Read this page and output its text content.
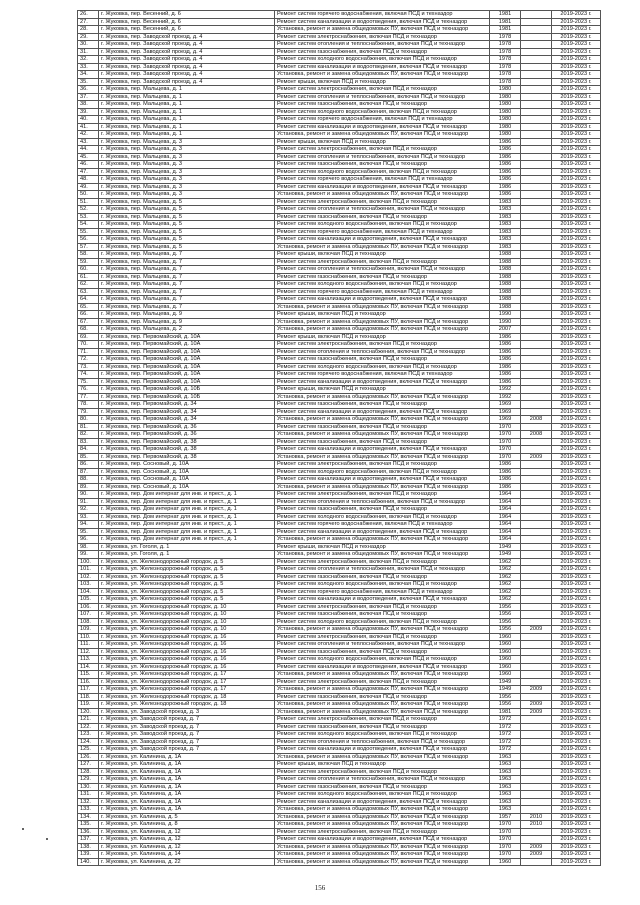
26.	г. Жуковка, пер. Весенний, д. 6	Ремонт систем горячего водоснабжения, включая ПСД и техназдор	1981		2019-2023 г.
27.	г. Жуковка, пер. Весенний, д. 6	Ремонт систем канализации и водоотведения, включая ПСД и техназдор	1981		2019-2023 г.
28.	г. Жуковка, пер. Весенний, д. 6	Установка, ремонт и замена общедомовых ПУ, включая ПСД и техназдор	1981		2019-2023 г.
29.	г. Жуковка, пер. Заводской проезд, д. 4	Ремонт систем электроснабжения, включая ПСД и техназдор	1978		2019-2023 г.
30.	г. Жуковка, пер. Заводской проезд, д. 4	Ремонт систем отопления и теплоснабжения, включая ПСД и техназдор	1978		2019-2023 г.
31.	г. Жуковка, пер. Заводской проезд, д. 4	Ремонт систем газоснабжения, включая ПСД и техназдор	1978		2019-2023 г.
32.	г. Жуковка, пер. Заводской проезд, д. 4	Ремонт систем холодного водоснабжения, включая ПСД и техназдор	1978		2019-2023 г.
33.	г. Жуковка, пер. Заводской проезд, д. 4	Ремонт систем канализации и водоотведения, включая ПСД и техназдор	1978		2019-2023 г.
34.	г. Жуковка, пер. Заводской проезд, д. 4	Установка, ремонт и замена общедомовых ПУ, включая ПСД и техназдор	1978		2019-2023 г.
35.	г. Жуковка, пер. Заводской проезд, д. 4	Ремонт крыши, включая ПСД и техназдор	1978		2019-2023 г.
36.	г. Жуковка, пер. Мальцева, д. 1	Ремонт систем электроснабжения, включая ПСД и техназдор	1980		2019-2023 г.
37.	г. Жуковка, пер. Мальцева, д. 1	Ремонт систем отопления и теплоснабжения, включая ПСД и техназдор	1980		2019-2023 г.
38.	г. Жуковка, пер. Мальцева, д. 1	Ремонт систем газоснабжения, включая ПСД и техназдор	1980		2019-2023 г.
39.	г. Жуковка, пер. Мальцева, д. 1	Ремонт систем холодного водоснабжения, включая ПСД и техназдор	1980		2019-2023 г.
40.	г. Жуковка, пер. Мальцева, д. 1	Ремонт систем горячего водоснабжения, включая ПСД и техназдор	1980		2019-2023 г.
41.	г. Жуковка, пер. Мальцева, д. 1	Ремонт систем канализации и водоотведения, включая ПСД и техназдор	1980		2019-2023 г.
42.	г. Жуковка, пер. Мальцева, д. 1	Установка, ремонт и замена общедомовых ПУ, включая ПСД и техназдор	1980		2019-2023 г.
43.	г. Жуковка, пер. Мальцева, д. 3	Ремонт крыши, включая ПСД и техназдор	1986		2019-2023 г.
44.	г. Жуковка, пер. Мальцева, д. 3	Ремонт систем электроснабжения, включая ПСД и техназдор	1986		2019-2023 г.
45.	г. Жуковка, пер. Мальцева, д. 3	Ремонт систем отопления и теплоснабжения, включая ПСД и техназдор	1986		2019-2023 г.
46.	г. Жуковка, пер. Мальцева, д. 3	Ремонт систем газоснабжения, включая ПСД и техназдор	1986		2019-2023 г.
47.	г. Жуковка, пер. Мальцева, д. 3	Ремонт систем холодного водоснабжения, включая ПСД и техназдор	1986		2019-2023 г.
48.	г. Жуковка, пер. Мальцева, д. 3	Ремонт систем горячего водоснабжения, включая ПСД и техназдор	1986		2019-2023 г.
49.	г. Жуковка, пер. Мальцева, д. 3	Ремонт систем канализации и водоотведения, включая ПСД и техназдор	1986		2019-2023 г.
50.	г. Жуковка, пер. Мальцева, д. 3	Установка, ремонт и замена общедомовых ПУ, включая ПСД и техназдор	1986		2019-2023 г.
51.	г. Жуковка, пер. Мальцева, д. 5	Ремонт систем электроснабжения, включая ПСД и техназдор	1983		2019-2023 г.
52.	г. Жуковка, пер. Мальцева, д. 5	Ремонт систем отопления и теплоснабжения, включая ПСД и техназдор	1983		2019-2023 г.
53.	г. Жуковка, пер. Мальцева, д. 5	Ремонт систем газоснабжения, включая ПСД и техназдор	1983		2019-2023 г.
54.	г. Жуковка, пер. Мальцева, д. 5	Ремонт систем холодного водоснабжения, включая ПСД и техназдор	1983		2019-2023 г.
55.	г. Жуковка, пер. Мальцева, д. 5	Ремонт систем горячего водоснабжения, включая ПСД и техназдор	1983		2019-2023 г.
56.	г. Жуковка, пер. Мальцева, д. 5	Ремонт систем канализации и водоотведения, включая ПСД и техназдор	1983		2019-2023 г.
57.	г. Жуковка, пер. Мальцева, д. 5	Установка, ремонт и замена общедомовых ПУ, включая ПСД и техназдор	1983		2019-2023 г.
58.	г. Жуковка, пер. Мальцева, д. 7	Ремонт крыши, включая ПСД и техназдор	1988		2019-2023 г.
59.	г. Жуковка, пер. Мальцева, д. 7	Ремонт систем электроснабжения, включая ПСД и техназдор	1988		2019-2023 г.
60.	г. Жуковка, пер. Мальцева, д. 7	Ремонт систем отопления и теплоснабжения, включая ПСД и техназдор	1988		2019-2023 г.
61.	г. Жуковка, пер. Мальцева, д. 7	Ремонт систем газоснабжения, включая ПСД и техназдор	1988		2019-2023 г.
62.	г. Жуковка, пер. Мальцева, д. 7	Ремонт систем холодного водоснабжения, включая ПСД и техназдор	1988		2019-2023 г.
63.	г. Жуковка, пер. Мальцева, д. 7	Ремонт систем горячего водоснабжения, включая ПСД и техназдор	1988		2019-2023 г.
64.	г. Жуковка, пер. Мальцева, д. 7	Ремонт систем канализации и водоотведения, включая ПСД и техназдор	1988		2019-2023 г.
65.	г. Жуковка, пер. Мальцева, д. 7	Установка, ремонт и замена общедомовых ПУ, включая ПСД и техназдор	1988		2019-2023 г.
66.	г. Жуковка, пер. Мальцева, д. 9	Ремонт крыши, включая ПСД и техназдор	1990		2019-2023 г.
67.	г. Жуковка, пер. Мальцева, д. 9	Установка, ремонт и замена общедомовых ПУ, включая ПСД и техназдор	1990		2019-2023 г.
68.	г. Жуковка, пер. Мальцева, д. 2	Установка, ремонт и замена общедомовых ПУ, включая ПСД и техназдор	2007		2019-2023 г.
69.	г. Жуковка, пер. Первомайский, д. 10А	Ремонт крыши, включая ПСД и техназдор	1986		2019-2023 г.
70.	г. Жуковка, пер. Первомайский, д. 10А	Ремонт систем электроснабжения, включая ПСД и техназдор	1986		2019-2023 г.
71.	г. Жуковка, пер. Первомайский, д. 10А	Ремонт систем отопления и теплоснабжения, включая ПСД и техназдор	1986		2019-2023 г.
72.	г. Жуковка, пер. Первомайский, д. 10А	Ремонт систем газоснабжения, включая ПСД и техназдор	1986		2019-2023 г.
73.	г. Жуковка, пер. Первомайский, д. 10А	Ремонт систем холодного водоснабжения, включая ПСД и техназдор	1986		2019-2023 г.
74.	г. Жуковка, пер. Первомайский, д. 10А	Ремонт систем горячего водоснабжения, включая ПСД и техназдор	1986		2019-2023 г.
75.	г. Жуковка, пер. Первомайский, д. 10А	Ремонт систем канализации и водоотведения, включая ПСД и техназдор	1986		2019-2023 г.
76.	г. Жуковка, пер. Первомайский, д. 10Б	Ремонт крыши, включая ПСД и техназдор	1992		2019-2023 г.
77.	г. Жуковка, пер. Первомайский, д. 10Б	Установка, ремонт и замена общедомовых ПУ, включая ПСД и техназдор	1992		2019-2023 г.
78.	г. Жуковка, пер. Первомайский, д. 34	Ремонт систем газоснабжения, включая ПСД и техназдор	1969		2019-2023 г.
79.	г. Жуковка, пер. Первомайский, д. 34	Ремонт систем канализации и водоотведения, включая ПСД и техназдор	1969		2019-2023 г.
80.	г. Жуковка, пер. Первомайский, д. 34	Установка, ремонт и замена общедомовых ПУ, включая ПСД и техназдор	1969	2008	2019-2023 г.
81.	г. Жуковка, пер. Первомайский, д. 36	Ремонт систем газоснабжения, включая ПСД и техназдор	1970		2019-2023 г.
82.	г. Жуковка, пер. Первомайский, д. 36	Установка, ремонт и замена общедомовых ПУ, включая ПСД и техназдор	1970	2008	2019-2023 г.
83.	г. Жуковка, пер. Первомайский, д. 38	Ремонт систем газоснабжения, включая ПСД и техназдор	1970		2019-2023 г.
84.	г. Жуковка, пер. Первомайский, д. 38	Ремонт систем канализации и водоотведения, включая ПСД и техназдор	1970		2019-2023 г.
85.	г. Жуковка, пер. Первомайский, д. 38	Установка, ремонт и замена общедомовых ПУ, включая ПСД и техназдор	1970	2009	2019-2023 г.
86.	г. Жуковка, пер. Сосновый, д. 10А	Ремонт систем электроснабжения, включая ПСД и техназдор	1986		2019-2023 г.
87.	г. Жуковка, пер. Сосновый, д. 10А	Ремонт систем холодного водоснабжения, включая ПСД и техназдор	1986		2019-2023 г.
88.	г. Жуковка, пер. Сосновый, д. 10А	Ремонт систем канализации и водоотведения, включая ПСД и техназдор	1986		2019-2023 г.
89.	г. Жуковка, пер. Сосновый, д. 10А	Установка, ремонт и замена общедомовых ПУ, включая ПСД и техназдор	1986		2019-2023 г.
90.	г. Жуковка, пер. Дом интернат для инв. и прест., д. 1	Ремонт систем электроснабжения, включая ПСД и техназдор	1964		2019-2023 г.
91.	г. Жуковка, пер. Дом интернат для инв. и прест., д. 1	Ремонт систем отопления и теплоснабжения, включая ПСД и техназдор	1964		2019-2023 г.
92.	г. Жуковка, пер. Дом интернат для инв. и прест., д. 1	Ремонт систем газоснабжения, включая ПСД и техназдор	1964		2019-2023 г.
93.	г. Жуковка, пер. Дом интернат для инв. и прест., д. 1	Ремонт систем холодного водоснабжения, включая ПСД и техназдор	1964		2019-2023 г.
94.	г. Жуковка, пер. Дом интернат для инв. и прест., д. 1	Ремонт систем горячего водоснабжения, включая ПСД и техназдор	1964		2019-2023 г.
95.	г. Жуковка, пер. Дом интернат для инв. и прест., д. 1	Ремонт систем канализации и водоотведения, включая ПСД и техназдор	1964		2019-2023 г.
96.	г. Жуковка, пер. Дом интернат для инв. и прест., д. 1	Установка, ремонт и замена общедомовых ПУ, включая ПСД и техназдор	1964		2019-2023 г.
98.	г. Жуковка, ул. Гоголя, д. 1	Ремонт крыши, включая ПСД и техназдор	1949		2019-2023 г.
99.	г. Жуковка, ул. Гоголя, д. 1	Установка, ремонт и замена общедомовых ПУ, включая ПСД и техназдор	1949		2019-2023 г.
100.	г. Жуковка, ул. Железнодорожный городок, д. 5	Ремонт систем электроснабжения, включая ПСД и техназдор	1962		2019-2023 г.
101.	г. Жуковка, ул. Железнодорожный городок, д. 5	Ремонт систем отопления и теплоснабжения, включая ПСД и техназдор	1962		2019-2023 г.
102.	г. Жуковка, ул. Железнодорожный городок, д. 5	Ремонт систем газоснабжения, включая ПСД и техназдор	1962		2019-2023 г.
103.	г. Жуковка, ул. Железнодорожный городок, д. 5	Ремонт систем холодного водоснабжения, включая ПСД и техназдор	1962		2019-2023 г.
104.	г. Жуковка, ул. Железнодорожный городок, д. 5	Ремонт систем горячего водоснабжения, включая ПСД и техназдор	1962		2019-2023 г.
105.	г. Жуковка, ул. Железнодорожный городок, д. 5	Ремонт систем канализации и водоотведения, включая ПСД и техназдор	1962		2019-2023 г.
106.	г. Жуковка, ул. Железнодорожный городок, д. 10	Ремонт систем электроснабжения, включая ПСД и техназдор	1956		2019-2023 г.
107.	г. Жуковка, ул. Железнодорожный городок, д. 10	Ремонт систем газоснабжения, включая ПСД и техназдор	1956		2019-2023 г.
108.	г. Жуковка, ул. Железнодорожный городок, д. 10	Ремонт систем холодного водоснабжения, включая ПСД и техназдор	1956		2019-2023 г.
109.	г. Жуковка, ул. Железнодорожный городок, д. 10	Установка, ремонт и замена общедомовых ПУ, включая ПСД и техназдор	1956	2009	2019-2023 г.
110.	г. Жуковка, ул. Железнодорожный городок, д. 16	Ремонт систем электроснабжения, включая ПСД и техназдор	1960		2019-2023 г.
111.	г. Жуковка, ул. Железнодорожный городок, д. 16	Ремонт систем отопления и теплоснабжения, включая ПСД и техназдор	1960		2019-2023 г.
112.	г. Жуковка, ул. Железнодорожный городок, д. 16	Ремонт систем газоснабжения, включая ПСД и техназдор	1960		2019-2023 г.
113.	г. Жуковка, ул. Железнодорожный городок, д. 16	Ремонт систем холодного водоснабжения, включая ПСД и техназдор	1960		2019-2023 г.
114.	г. Жуковка, ул. Железнодорожный городок, д. 16	Ремонт систем канализации и водоотведения, включая ПСД и техназдор	1960		2019-2023 г.
115.	г. Жуковка, ул. Железнодорожный городок, д. 17	Установка, ремонт и замена общедомовых ПУ, включая ПСД и техназдор	1960		2019-2023 г.
116.	г. Жуковка, ул. Железнодорожный городок, д. 17	Ремонт систем электроснабжения, включая ПСД и техназдор	1949		2019-2023 г.
117.	г. Жуковка, ул. Железнодорожный городок, д. 17	Установка, ремонт и замена общедомовых ПУ, включая ПСД и техназдор	1949	2009	2019-2023 г.
118.	г. Жуковка, ул. Железнодорожный городок, д. 18	Ремонт систем газоснабжения, включая ПСД и техназдор	1956		2019-2023 г.
119.	г. Жуковка, ул. Железнодорожный городок, д. 18	Установка, ремонт и замена общедомовых ПУ, включая ПСД и техназдор	1956	2009	2019-2023 г.
120.	г. Жуковка, ул. Заводской проезд, д. 3	Установка, ремонт и замена общедомовых ПУ, включая ПСД и техназдор	1981	2009	2019-2023 г.
121.	г. Жуковка, ул. Заводской проезд, д. 7	Ремонт систем электроснабжения, включая ПСД и техназдор	1972		2019-2023 г.
122.	г. Жуковка, ул. Заводской проезд, д. 7	Ремонт систем газоснабжения, включая ПСД и техназдор	1972		2019-2023 г.
123.	г. Жуковка, ул. Заводской проезд, д. 7	Ремонт систем холодного водоснабжения, включая ПСД и техназдор	1972		2019-2023 г.
124.	г. Жуковка, ул. Заводской проезд, д. 7	Ремонт систем отопления и теплоснабжения, включая ПСД и техназдор	1972		2019-2023 г.
125.	г. Жуковка, ул. Заводской проезд, д. 7	Ремонт систем канализации и водоотведения, включая ПСД и техназдор	1972		2019-2023 г.
126.	г. Жуковка, ул. Калинина, д. 1А	Установка, ремонт и замена общедомовых ПУ, включая ПСД и техназдор	1963		2019-2023 г.
127.	г. Жуковка, ул. Калинина, д. 1А	Ремонт крыши, включая ПСД и техназдор	1963		2019-2023 г.
128.	г. Жуковка, ул. Калинина, д. 1А	Ремонт систем электроснабжения, включая ПСД и техназдор	1963		2019-2023 г.
129.	г. Жуковка, ул. Калинина, д. 1А	Ремонт систем отопления и теплоснабжения, включая ПСД и техназдор	1963		2019-2023 г.
130.	г. Жуковка, ул. Калинина, д. 1А	Ремонт систем газоснабжения, включая ПСД и техназдор	1963		2019-2023 г.
131.	г. Жуковка, ул. Калинина, д. 1А	Ремонт систем холодного водоснабжения, включая ПСД и техназдор	1963		2019-2023 г.
132.	г. Жуковка, ул. Калинина, д. 1А	Ремонт систем канализации и водоотведения, включая ПСД и техназдор	1963		2019-2023 г.
133.	г. Жуковка, ул. Калинина, д. 1А	Установка, ремонт и замена общедомовых ПУ, включая ПСД и техназдор	1963		2019-2023 г.
134.	г. Жуковка, ул. Калинина, д. 5	Установка, ремонт и замена общедомовых ПУ, включая ПСД и техназдор	1957	2010	2019-2023 г.
135.	г. Жуковка, ул. Калинина, д. 8	Установка, ремонт и замена общедомовых ПУ, включая ПСД и техназдор	1970	2010	2019-2023 г.
136.	г. Жуковка, ул. Калинина, д. 12	Ремонт систем электроснабжения, включая ПСД и техназдор	1970		2019-2023 г.
137.	г. Жуковка, ул. Калинина, д. 12	Ремонт систем канализации и водоотведения, включая ПСД и техназдор	1970		2019-2023 г.
138.	г. Жуковка, ул. Калинина, д. 12	Установка, ремонт и замена общедомовых ПУ, включая ПСД и техназдор	1970	2009	2019-2023 г.
139.	г. Жуковка, ул. Калинина, д. 14	Установка, ремонт и замена общедомовых ПУ, включая ПСД и техназдор	1970	2009	2019-2023 г.
140.	г. Жуковка, ул. Калинина, д. 22	Установка, ремонт и замена общедомовых ПУ, включая ПСД и техназдор	1960		2019-2023 г.
156
